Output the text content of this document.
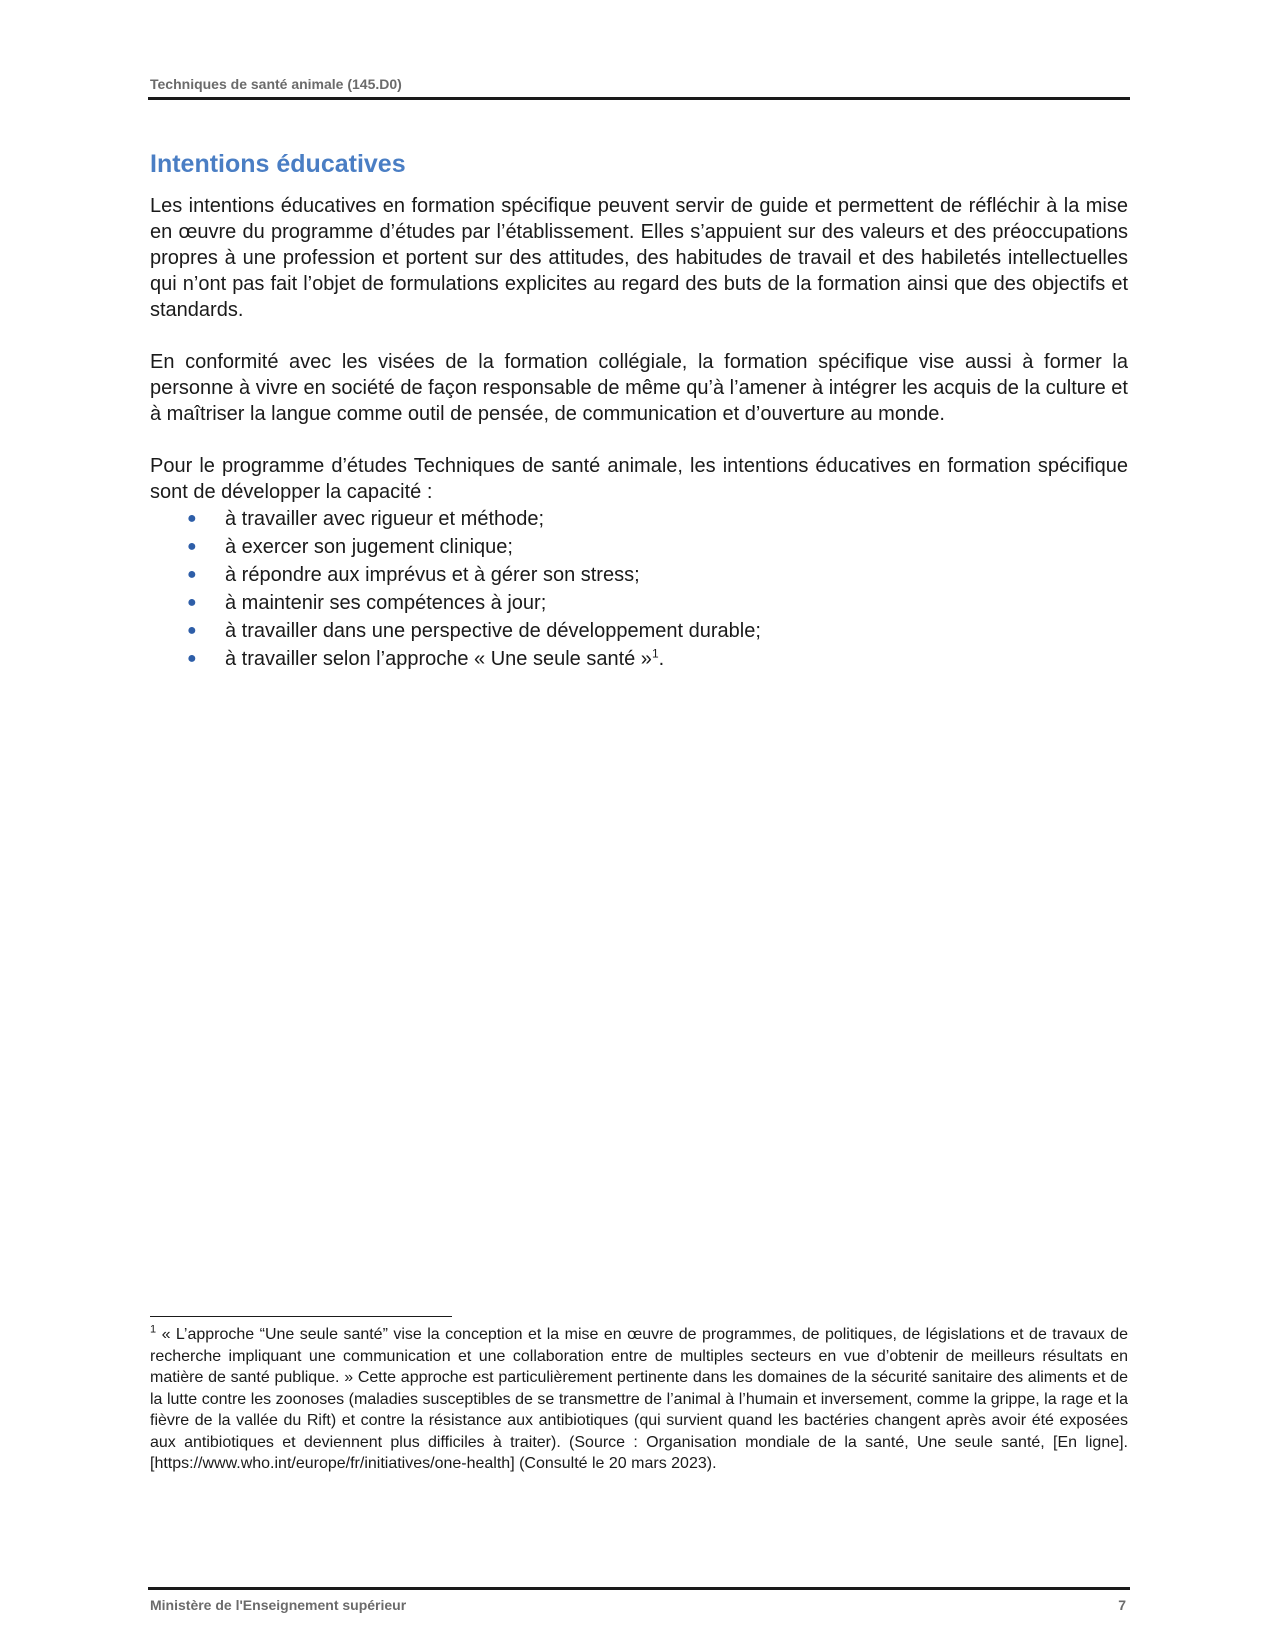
Techniques de santé animale (145.D0)
Intentions éducatives

Les intentions éducatives en formation spécifique peuvent servir de guide et permettent de réfléchir à la mise en œuvre du programme d’études par l’établissement. Elles s’appuient sur des valeurs et des préoccupations propres à une profession et portent sur des attitudes, des habitudes de travail et des habiletés intellectuelles qui n’ont pas fait l’objet de formulations explicites au regard des buts de la formation ainsi que des objectifs et standards.

En conformité avec les visées de la formation collégiale, la formation spécifique vise aussi à former la personne à vivre en société de façon responsable de même qu’à l’amener à intégrer les acquis de la culture et à maîtriser la langue comme outil de pensée, de communication et d’ouverture au monde.

Pour le programme d’études Techniques de santé animale, les intentions éducatives en formation spécifique sont de développer la capacité :

● à travailler avec rigueur et méthode;
● à exercer son jugement clinique;
● à répondre aux imprévus et à gérer son stress;
● à maintenir ses compétences à jour;
● à travailler dans une perspective de développement durable;
● à travailler selon l’approche « Une seule santé »$^1$.
$^1$ « L’approche “Une seule santé” vise la conception et la mise en œuvre de programmes, de politiques, de législations et de travaux de recherche impliquant une communication et une collaboration entre de multiples secteurs en vue d’obtenir de meilleurs résultats en matière de santé publique. » Cette approche est particulièrement pertinente dans les domaines de la sécurité sanitaire des aliments et de la lutte contre les zoonoses (maladies susceptibles de se transmettre de l’animal à l’humain et inversement, comme la grippe, la rage et la fièvre de la vallée du Rift) et contre la résistance aux antibiotiques (qui survient quand les bactéries changent après avoir été exposées aux antibiotiques et deviennent plus difficiles à traiter). (Source : Organisation mondiale de la santé, Une seule santé, [En ligne]. [https://www.who.int/europe/fr/initiatives/one-health] (Consulté le 20 mars 2023).
Ministère de l'Enseignement supérieur	7
